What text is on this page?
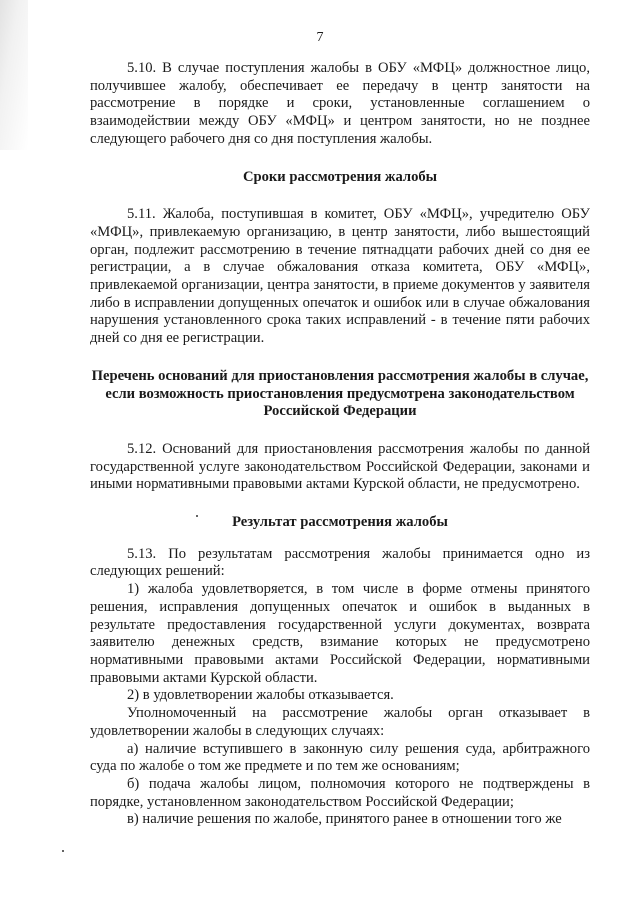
7

5.10. В случае поступления жалобы в ОБУ «МФЦ» должностное лицо, получившее жалобу, обеспечивает ее передачу в центр занятости на рассмотрение в порядке и сроки, установленные соглашением о взаимодействии между ОБУ «МФЦ» и центром занятости, но не позднее следующего рабочего дня со дня поступления жалобы.

Сроки рассмотрения жалобы

5.11. Жалоба, поступившая в комитет, ОБУ «МФЦ», учредителю ОБУ «МФЦ», привлекаемую организацию, в центр занятости, либо вышестоящий орган, подлежит рассмотрению в течение пятнадцати рабочих дней со дня ее регистрации, а в случае обжалования отказа комитета, ОБУ «МФЦ», привлекаемой организации, центра занятости, в приеме документов у заявителя либо в исправлении допущенных опечаток и ошибок или в случае обжалования нарушения установленного срока таких исправлений - в течение пяти рабочих дней со дня ее регистрации.

Перечень оснований для приостановления рассмотрения жалобы в случае, если возможность приостановления предусмотрена законодательством Российской Федерации

5.12. Оснований для приостановления рассмотрения жалобы по данной государственной услуге законодательством Российской Федерации, законами и иными нормативными правовыми актами Курской области, не предусмотрено.

Результат рассмотрения жалобы

5.13. По результатам рассмотрения жалобы принимается одно из следующих решений:

1) жалоба удовлетворяется, в том числе в форме отмены принятого решения, исправления допущенных опечаток и ошибок в выданных в результате предоставления государственной услуги документах, возврата заявителю денежных средств, взимание которых не предусмотрено нормативными правовыми актами Российской Федерации, нормативными правовыми актами Курской области.

2) в удовлетворении жалобы отказывается.

Уполномоченный на рассмотрение жалобы орган отказывает в удовлетворении жалобы в следующих случаях:

а) наличие вступившего в законную силу решения суда, арбитражного суда по жалобе о том же предмете и по тем же основаниям;

б) подача жалобы лицом, полномочия которого не подтверждены в порядке, установленном законодательством Российской Федерации;

в) наличие решения по жалобе, принятого ранее в отношении того же
